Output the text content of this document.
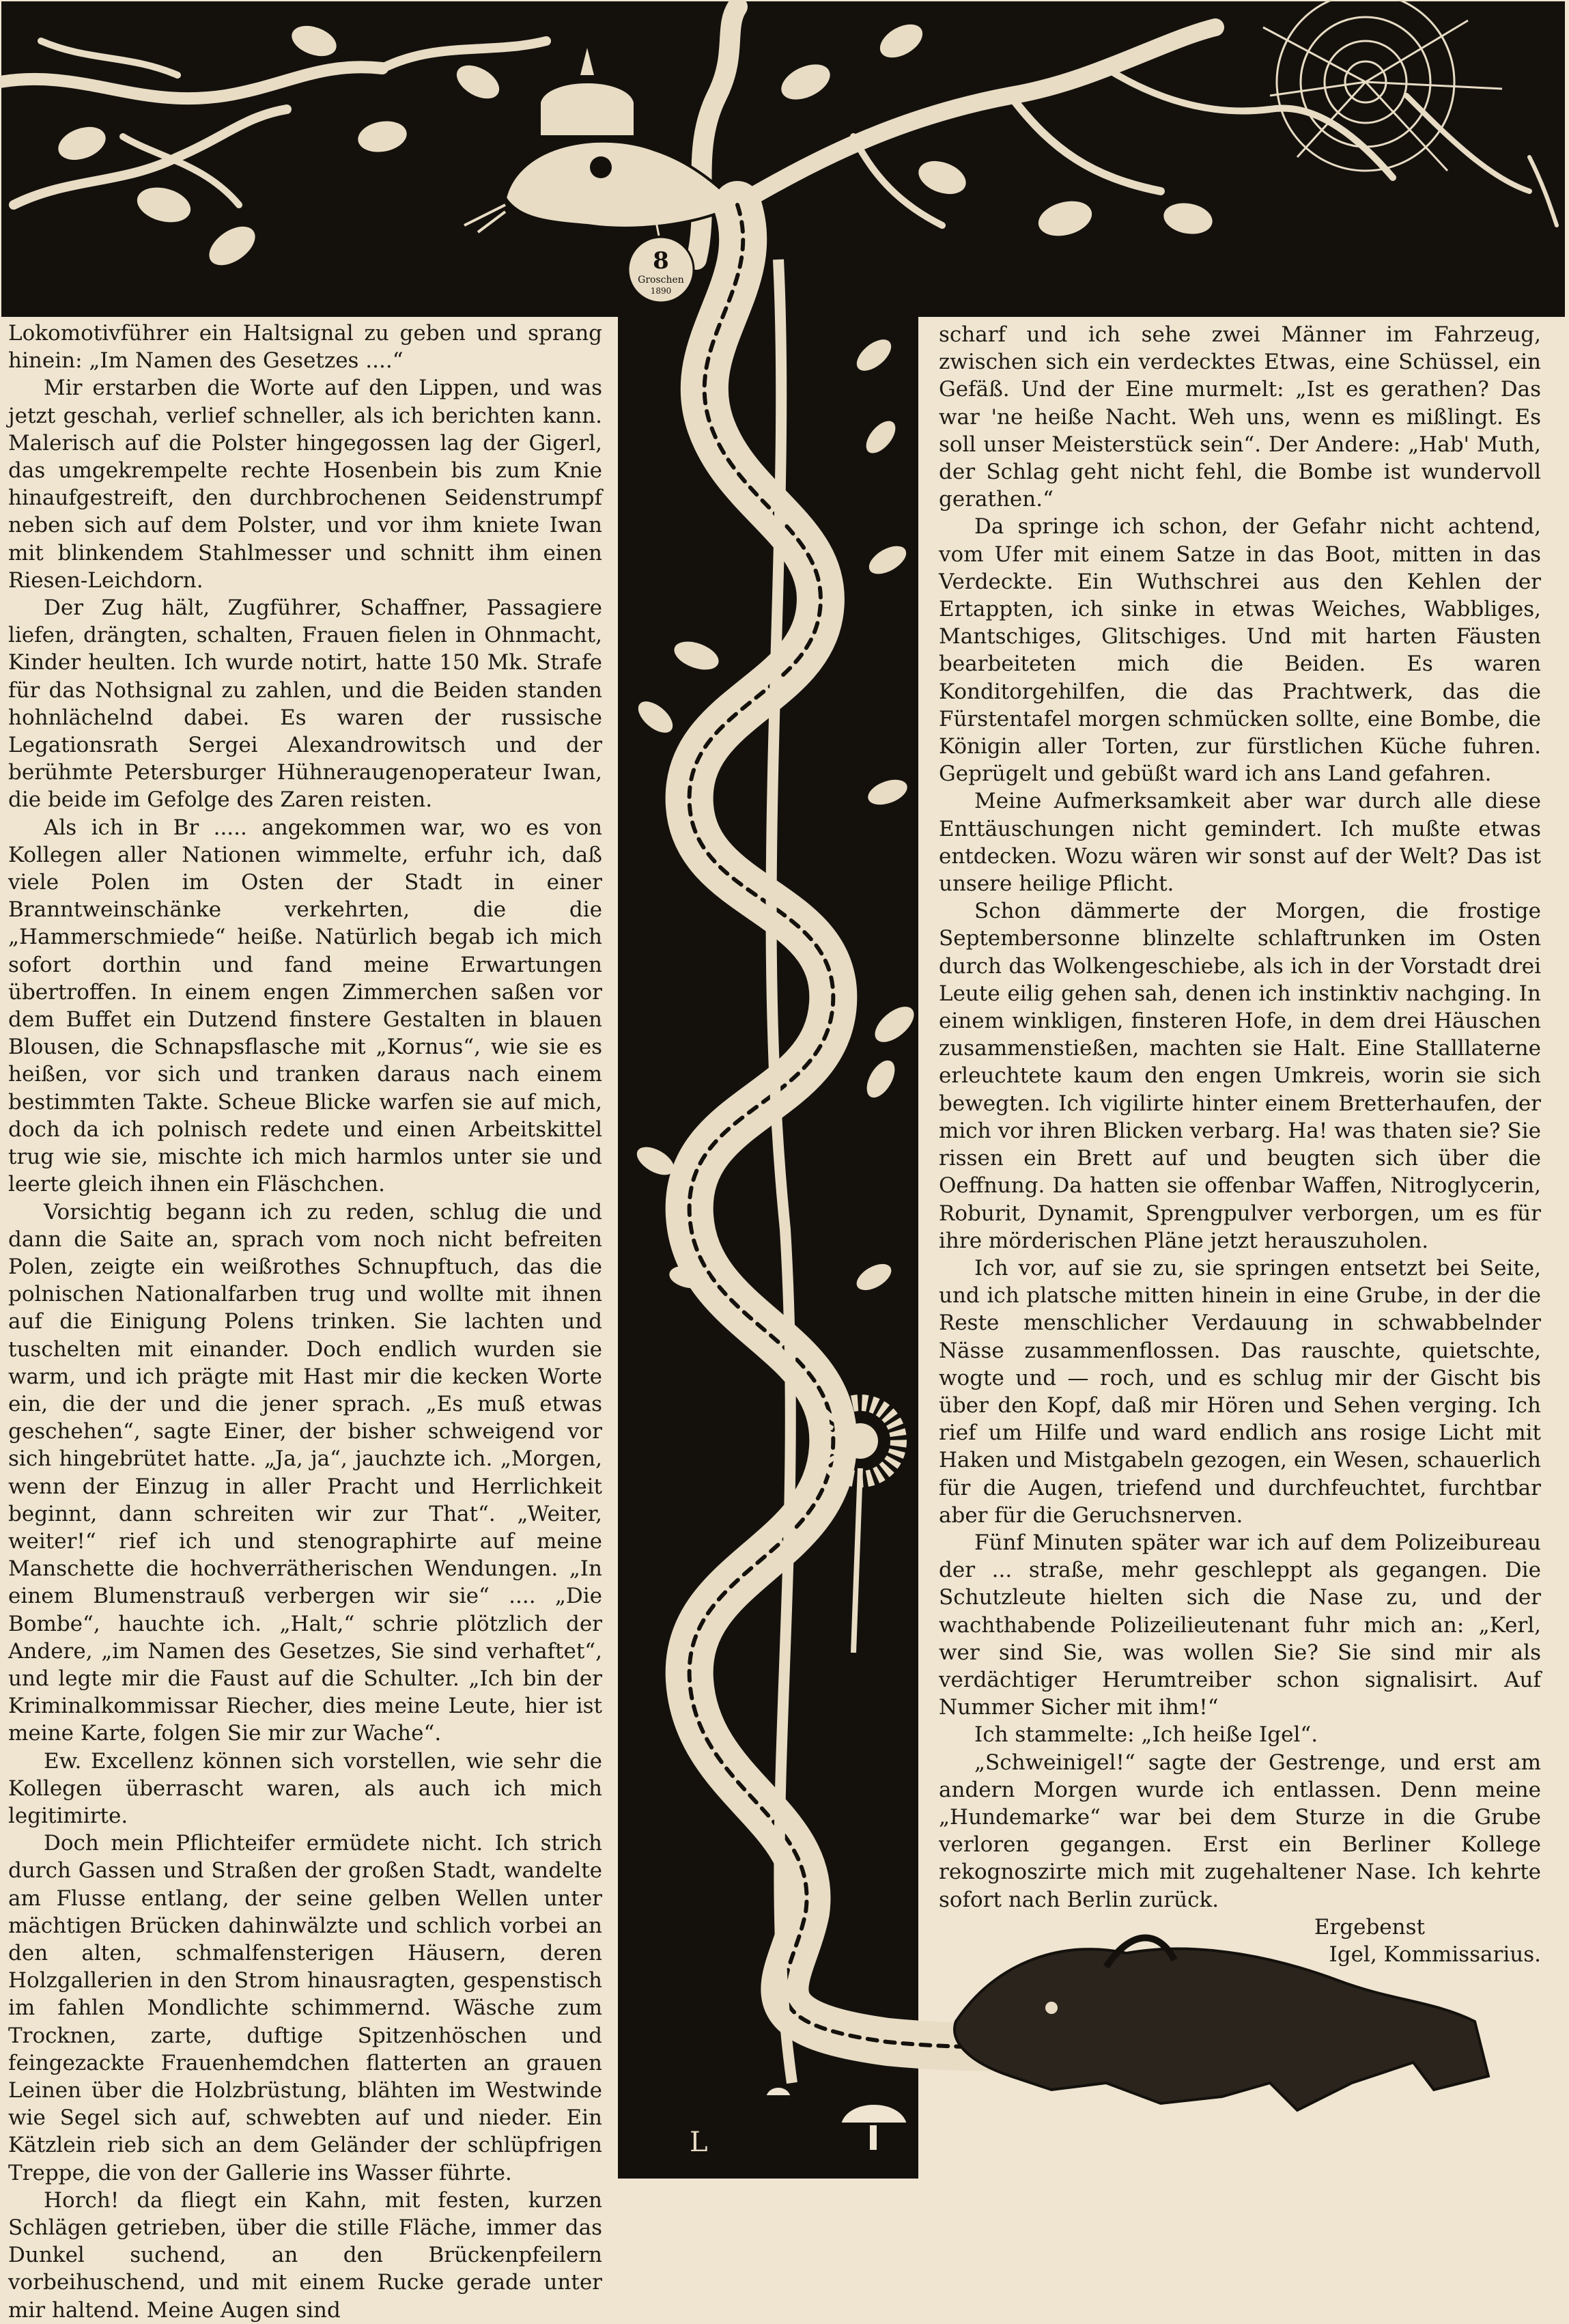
8
Groschen
1890
L

Lokomotivführer ein Haltsignal zu geben und sprang hinein: „Im Namen des Gesetzes ....“

Mir erstarben die Worte auf den Lippen, und was jetzt geschah, verlief schneller, als ich berichten kann. Malerisch auf die Polster hingegossen lag der Gigerl, das umgekrempelte rechte Hosenbein bis zum Knie hinaufgestreift, den durchbrochenen Seidenstrumpf neben sich auf dem Polster, und vor ihm kniete Iwan mit blinkendem Stahlmesser und schnitt ihm einen Riesen-Leichdorn.

Der Zug hält, Zugführer, Schaffner, Passagiere liefen, drängten, schalten, Frauen fielen in Ohnmacht, Kinder heulten. Ich wurde notirt, hatte 150 Mk. Strafe für das Nothsignal zu zahlen, und die Beiden standen hohnlächelnd dabei. Es waren der russische Legationsrath Sergei Alexandrowitsch und der berühmte Petersburger Hühneraugenoperateur Iwan, die beide im Gefolge des Zaren reisten.

Als ich in Br ..... angekommen war, wo es von Kollegen aller Nationen wimmelte, erfuhr ich, daß viele Polen im Osten der Stadt in einer Branntweinschänke verkehrten, die die „Hammerschmiede“ heiße. Natürlich begab ich mich sofort dorthin und fand meine Erwartungen übertroffen. In einem engen Zimmerchen saßen vor dem Buffet ein Dutzend finstere Gestalten in blauen Blousen, die Schnapsflasche mit „Kornus“, wie sie es heißen, vor sich und tranken daraus nach einem bestimmten Takte. Scheue Blicke warfen sie auf mich, doch da ich polnisch redete und einen Arbeitskittel trug wie sie, mischte ich mich harmlos unter sie und leerte gleich ihnen ein Fläschchen.

Vorsichtig begann ich zu reden, schlug die und dann die Saite an, sprach vom noch nicht befreiten Polen, zeigte ein weißrothes Schnupftuch, das die polnischen Nationalfarben trug und wollte mit ihnen auf die Einigung Polens trinken. Sie lachten und tuschelten mit einander. Doch endlich wurden sie warm, und ich prägte mit Hast mir die kecken Worte ein, die der und die jener sprach. „Es muß etwas geschehen“, sagte Einer, der bisher schweigend vor sich hingebrütet hatte. „Ja, ja“, jauchzte ich. „Morgen, wenn der Einzug in aller Pracht und Herrlichkeit beginnt, dann schreiten wir zur That“. „Weiter, weiter!“ rief ich und stenographirte auf meine Manschette die hochverrätherischen Wendungen. „In einem Blumenstrauß verbergen wir sie“ .... „Die Bombe“, hauchte ich. „Halt,“ schrie plötzlich der Andere, „im Namen des Gesetzes, Sie sind verhaftet“, und legte mir die Faust auf die Schulter. „Ich bin der Kriminalkommissar Riecher, dies meine Leute, hier ist meine Karte, folgen Sie mir zur Wache“.

Ew. Excellenz können sich vorstellen, wie sehr die Kollegen überrascht waren, als auch ich mich legitimirte.

Doch mein Pflichteifer ermüdete nicht. Ich strich durch Gassen und Straßen der großen Stadt, wandelte am Flusse entlang, der seine gelben Wellen unter mächtigen Brücken dahinwälzte und schlich vorbei an den alten, schmalfensterigen Häusern, deren Holzgallerien in den Strom hinausragten, gespenstisch im fahlen Mondlichte schimmernd. Wäsche zum Trocknen, zarte, duftige Spitzenhöschen und feingezackte Frauenhemdchen flatterten an grauen Leinen über die Holzbrüstung, blähten im Westwinde wie Segel sich auf, schwebten auf und nieder. Ein Kätzlein rieb sich an dem Geländer der schlüpfrigen Treppe, die von der Gallerie ins Wasser führte.

Horch! da fliegt ein Kahn, mit festen, kurzen Schlägen getrieben, über die stille Fläche, immer das Dunkel suchend, an den Brückenpfeilern vorbeihuschend, und mit einem Rucke gerade unter mir haltend. Meine Augen sind

scharf und ich sehe zwei Männer im Fahrzeug, zwischen sich ein verdecktes Etwas, eine Schüssel, ein Gefäß. Und der Eine murmelt: „Ist es gerathen? Das war 'ne heiße Nacht. Weh uns, wenn es mißlingt. Es soll unser Meisterstück sein“. Der Andere: „Hab' Muth, der Schlag geht nicht fehl, die Bombe ist wundervoll gerathen.“

Da springe ich schon, der Gefahr nicht achtend, vom Ufer mit einem Satze in das Boot, mitten in das Verdeckte. Ein Wuthschrei aus den Kehlen der Ertappten, ich sinke in etwas Weiches, Wabbliges, Mantschiges, Glitschiges. Und mit harten Fäusten bearbeiteten mich die Beiden. Es waren Konditorgehilfen, die das Prachtwerk, das die Fürstentafel morgen schmücken sollte, eine Bombe, die Königin aller Torten, zur fürstlichen Küche fuhren. Geprügelt und gebüßt ward ich ans Land gefahren.

Meine Aufmerksamkeit aber war durch alle diese Enttäuschungen nicht gemindert. Ich mußte etwas entdecken. Wozu wären wir sonst auf der Welt? Das ist unsere heilige Pflicht.

Schon dämmerte der Morgen, die frostige Septembersonne blinzelte schlaftrunken im Osten durch das Wolkengeschiebe, als ich in der Vorstadt drei Leute eilig gehen sah, denen ich instinktiv nachging. In einem winkligen, finsteren Hofe, in dem drei Häuschen zusammenstießen, machten sie Halt. Eine Stalllaterne erleuchtete kaum den engen Umkreis, worin sie sich bewegten. Ich vigilirte hinter einem Bretterhaufen, der mich vor ihren Blicken verbarg. Ha! was thaten sie? Sie rissen ein Brett auf und beugten sich über die Oeffnung. Da hatten sie offenbar Waffen, Nitroglycerin, Roburit, Dynamit, Sprengpulver verborgen, um es für ihre mörderischen Pläne jetzt herauszuholen.

Ich vor, auf sie zu, sie springen entsetzt bei Seite, und ich platsche mitten hinein in eine Grube, in der die Reste menschlicher Verdauung in schwabbelnder Nässe zusammenflossen. Das rauschte, quietschte, wogte und — roch, und es schlug mir der Gischt bis über den Kopf, daß mir Hören und Sehen verging. Ich rief um Hilfe und ward endlich ans rosige Licht mit Haken und Mistgabeln gezogen, ein Wesen, schauerlich für die Augen, triefend und durchfeuchtet, furchtbar aber für die Geruchsnerven.

Fünf Minuten später war ich auf dem Polizeibureau der ... straße, mehr geschleppt als gegangen. Die Schutzleute hielten sich die Nase zu, und der wachthabende Polizeilieutenant fuhr mich an: „Kerl, wer sind Sie, was wollen Sie? Sie sind mir als verdächtiger Herumtreiber schon signalisirt. Auf Nummer Sicher mit ihm!“

Ich stammelte: „Ich heiße Igel“.

„Schweinigel!“ sagte der Gestrenge, und erst am andern Morgen wurde ich entlassen. Denn meine „Hundemarke“ war bei dem Sturze in die Grube verloren gegangen. Erst ein Berliner Kollege rekognoszirte mich mit zugehaltener Nase. Ich kehrte sofort nach Berlin zurück.

Ergebenst

Igel, Kommissarius.
